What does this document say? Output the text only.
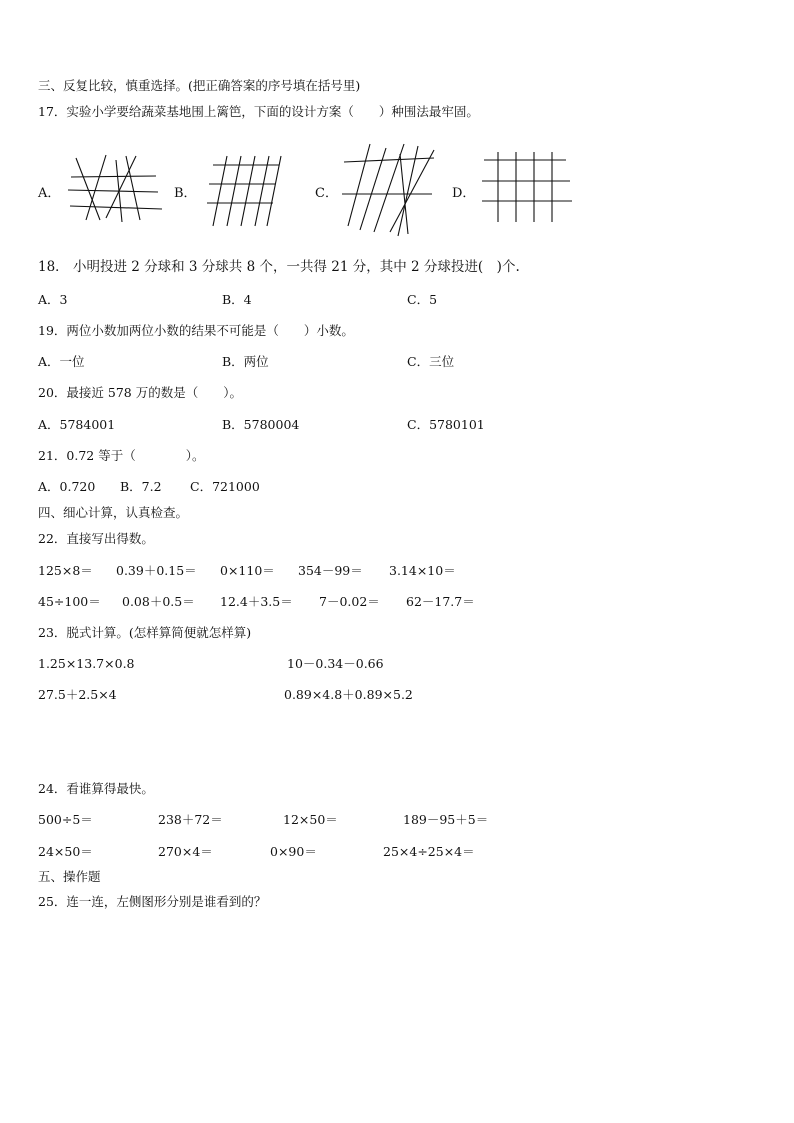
三、反复比较，慎重选择。(把正确答案的序号填在括号里)
17．实验小学要给蔬菜基地围上篱笆，下面的设计方案（　　）种围法最牢固。
A．	B．	C．	D．
18． 小明投进 2 分球和 3 分球共 8 个，一共得 21 分，其中 2 分球投进(　)个.
A．3	B．4	C．5
19．两位小数加两位小数的结果不可能是（　　）小数。
A．一位	B．两位	C．三位
20．最接近 578 万的数是（　　）。
A．5784001	B．5780004	C．5780101
21．0.72 等于（　　　　）。
A．0.720 B．7.2 C．721000
四、细心计算，认真检查。
22．直接写出得数。
125×8＝ 0.39＋0.15＝ 0×110＝ 354－99＝ 3.14×10＝
45÷100＝ 0.08＋0.5＝ 12.4＋3.5＝ 7－0.02＝ 62－17.7＝
23．脱式计算。(怎样算简便就怎样算)
1.25×13.7×0.8	10－0.34－0.66
27.5＋2.5×4	0.89×4.8＋0.89×5.2
24．看谁算得最快。
500÷5＝	238＋72＝	12×50＝	189－95＋5＝
24×50＝	270×4＝	0×90＝	25×4÷25×4＝
五、操作题
25．连一连，左侧图形分别是谁看到的？
